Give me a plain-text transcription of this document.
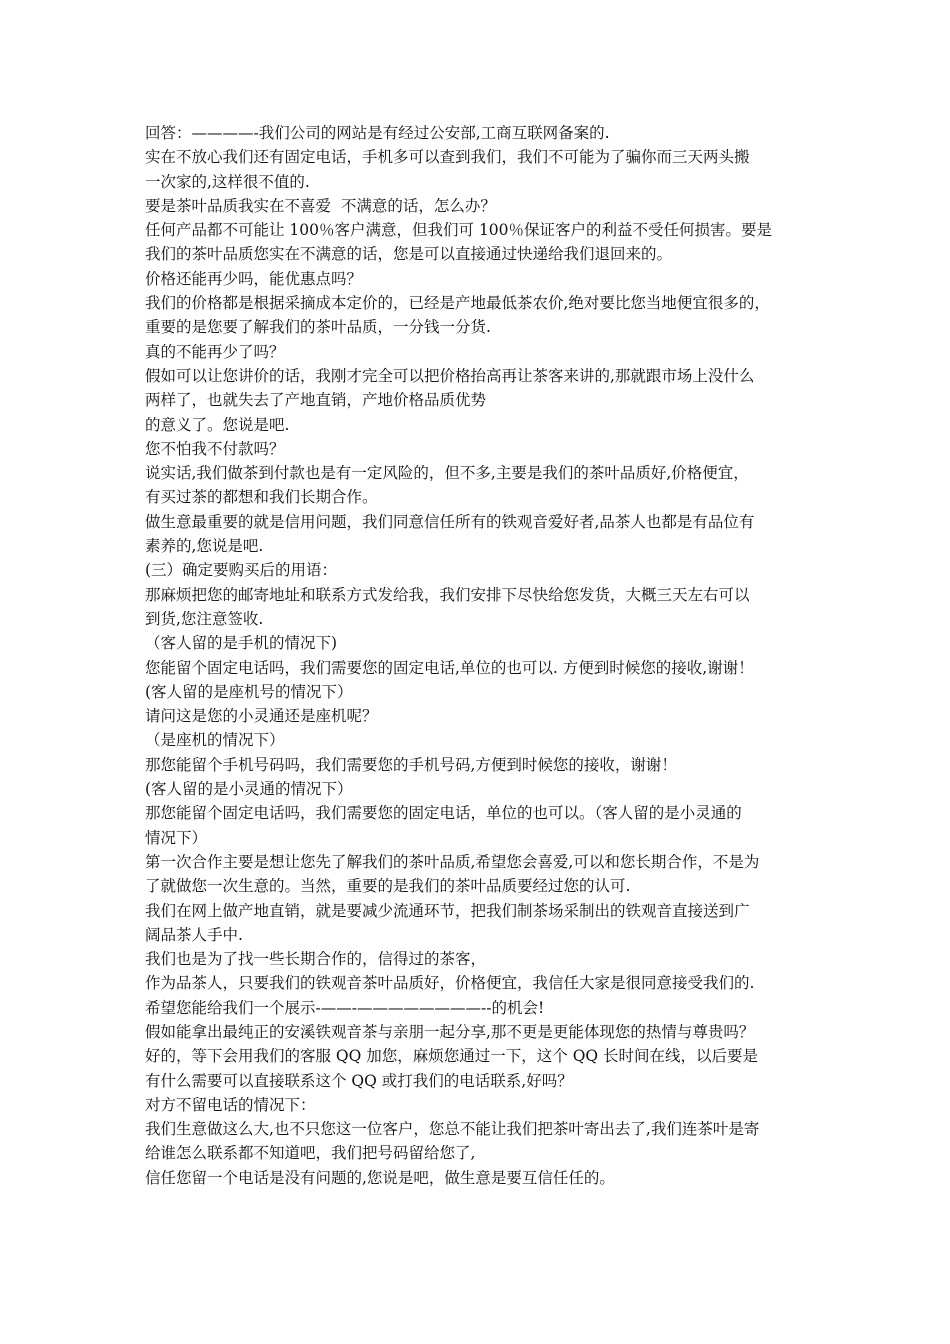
回答：————-我们公司的网站是有经过公安部,工商互联网备案的.
实在不放心我们还有固定电话，手机多可以查到我们，我们不可能为了骗你而三天两头搬
一次家的,这样很不值的.
要是茶叶品质我实在不喜爱  不满意的话，怎么办？
任何产品都不可能让 100％客户满意，但我们可 100％保证客户的利益不受任何损害。要是
我们的茶叶品质您实在不满意的话，您是可以直接通过快递给我们退回来的。
价格还能再少吗，能优惠点吗？
我们的价格都是根据采摘成本定价的，已经是产地最低茶农价,绝对要比您当地便宜很多的，
重要的是您要了解我们的茶叶品质，一分钱一分货.
真的不能再少了吗？
假如可以让您讲价的话，我刚才完全可以把价格抬高再让茶客来讲的,那就跟市场上没什么
两样了，也就失去了产地直销，产地价格品质优势
的意义了。您说是吧.
您不怕我不付款吗？
说实话,我们做茶到付款也是有一定风险的，但不多,主要是我们的茶叶品质好,价格便宜，
有买过茶的都想和我们长期合作。
做生意最重要的就是信用问题，我们同意信任所有的铁观音爱好者,品茶人也都是有品位有
素养的,您说是吧.
(三）确定要购买后的用语：
那麻烦把您的邮寄地址和联系方式发给我，我们安排下尽快给您发货，大概三天左右可以
到货,您注意签收.
（客人留的是手机的情况下)
您能留个固定电话吗，我们需要您的固定电话,单位的也可以. 方便到时候您的接收,谢谢！
(客人留的是座机号的情况下）
请问这是您的小灵通还是座机呢？
（是座机的情况下）
那您能留个手机号码吗，我们需要您的手机号码,方便到时候您的接收，谢谢！
(客人留的是小灵通的情况下）
那您能留个固定电话吗，我们需要您的固定电话，单位的也可以。（客人留的是小灵通的
情况下）
第一次合作主要是想让您先了解我们的茶叶品质,希望您会喜爱,可以和您长期合作，不是为
了就做您一次生意的。当然，重要的是我们的茶叶品质要经过您的认可.
我们在网上做产地直销，就是要减少流通环节，把我们制茶场采制出的铁观音直接送到广
阔品茶人手中.
我们也是为了找一些长期合作的，信得过的茶客，
作为品茶人，只要我们的铁观音茶叶品质好，价格便宜，我信任大家是很同意接受我们的.
希望您能给我们一个展示-——-————————--的机会!
假如能拿出最纯正的安溪铁观音茶与亲朋一起分享,那不更是更能体现您的热情与尊贵吗？
好的，等下会用我们的客服 QQ 加您，麻烦您通过一下，这个 QQ 长时间在线，以后要是
有什么需要可以直接联系这个 QQ 或打我们的电话联系,好吗？
对方不留电话的情况下：
我们生意做这么大,也不只您这一位客户，您总不能让我们把茶叶寄出去了,我们连茶叶是寄
给谁怎么联系都不知道吧，我们把号码留给您了,
信任您留一个电话是没有问题的,您说是吧，做生意是要互信任任的。
